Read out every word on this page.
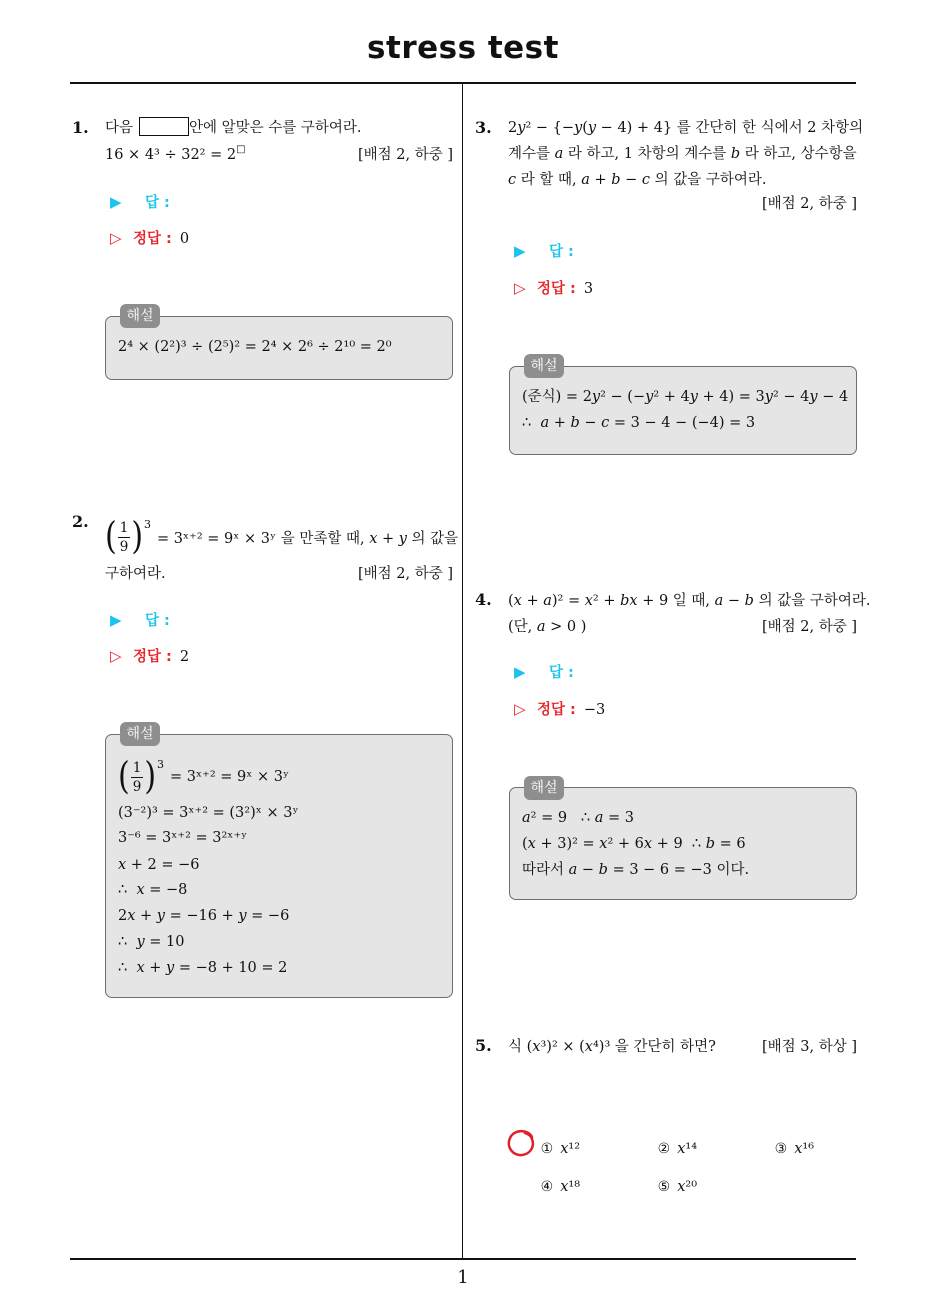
stress test
1
1. 다음	안에 알맞은 수를 구하여라.
16 × 4³ ÷ 32² = 2□	[배점 2, 하중 ]
▶ 답 :
▷ 정답 : 0
해설
2⁴ × (2²)³ ÷ (2⁵)² = 2⁴ × 2⁶ ÷ 2¹⁰ = 2⁰
2. ( $\frac{1}{9}$ ) 3
= 3ˣ⁺² = 9ˣ × 3ʸ 을 만족할 때, x + y 의 값을
구하여라.	[배점 2, 하중 ]
▶ 답 :
▷ 정답 : 2
해설
( $\frac{1}{9}$ ) 3
= 3ˣ⁺² = 9ˣ × 3ʸ
(3⁻²)³ = 3ˣ⁺² = (3²)ˣ × 3ʸ
3⁻⁶ = 3ˣ⁺² = 3²ˣ⁺ʸ
x + 2 = −6
∴  x = −8
2x + y = −16 + y = −6
∴  y = 10
∴  x + y = −8 + 10 = 2
3. 2y² − {−y(y − 4) + 4} 를 간단히 한 식에서 2 차항의
계수를 a 라 하고, 1 차항의 계수를 b 라 하고, 상수항을
c 라 할 때, a + b − c 의 값을 구하여라.
[배점 2, 하중 ]
▶ 답 :
▷ 정답 : 3
해설
(준식) = 2y² − (−y² + 4y + 4) = 3y² − 4y − 4
∴  a + b − c = 3 − 4 − (−4) = 3
4. (x + a)² = x² + bx + 9 일 때, a − b 의 값을 구하여라.
(단, a > 0 )	[배점 2, 하중 ]
▶ 답 :
▷ 정답 : −3
해설
a² = 9   ∴ a = 3
(x + 3)² = x² + 6x + 9  ∴ b = 6
따라서 a − b = 3 − 6 = −3 이다.
5. 식 (x³)² × (x⁴)³ 을 간단히 하면?	[배점 3, 하상 ]

① x¹²

	② x¹⁴

	③ x¹⁶

④ x¹⁸

	⑤ x²⁰
